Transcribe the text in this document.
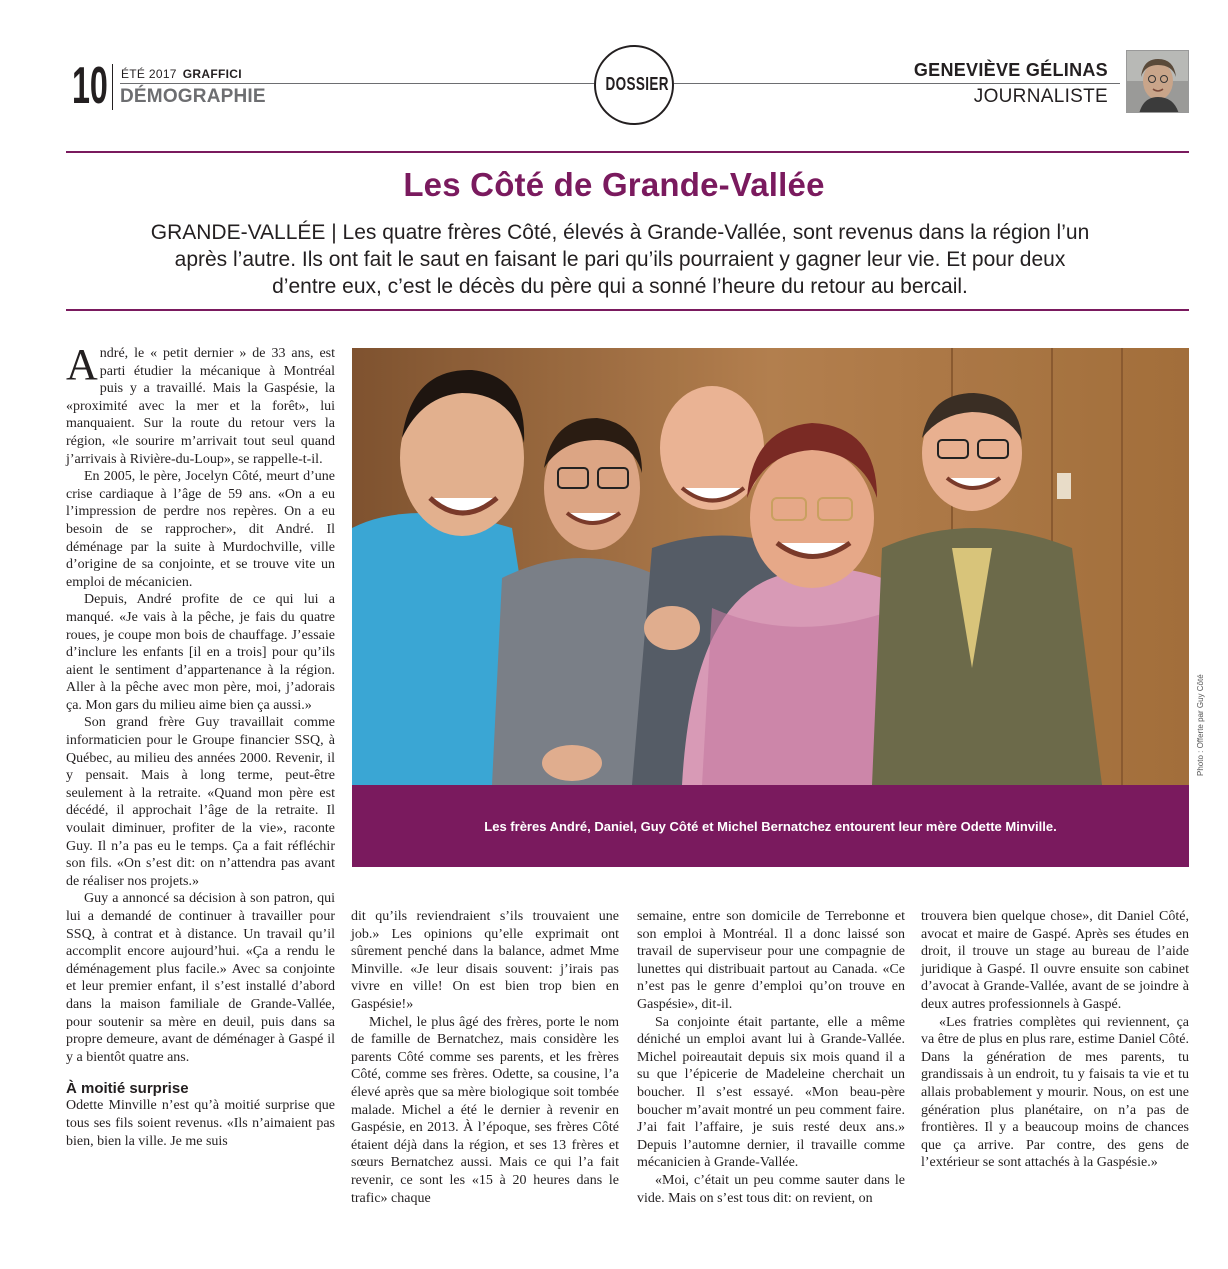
10 ÉTÉ 2017 GRAFFICI
DÉMOGRAPHIE
DOSSIER
GENEVIÈVE GÉLINAS
JOURNALISTE
Les Côté de Grande-Vallée

GRANDE-VALLÉE | Les quatre frères Côté, élevés à Grande-Vallée, sont revenus dans la région l’un après l’autre. Ils ont fait le saut en faisant le pari qu’ils pourraient y gagner leur vie. Et pour deux d’entre eux, c’est le décès du père qui a sonné l’heure du retour au bercail.

Les frères André, Daniel, Guy Côté et Michel Bernatchez entourent leur mère Odette Minville.
Photo : Offerte par Guy Côté

André, le « petit dernier » de 33 ans, est parti étudier la mécanique à Montréal puis y a travaillé. Mais la Gaspésie, la «proximité avec la mer et la forêt», lui manquaient. Sur la route du retour vers la région, «le sourire m’arrivait tout seul quand j’arrivais à Rivière-du-Loup», se rappelle-t-il.

En 2005, le père, Jocelyn Côté, meurt d’une crise cardiaque à l’âge de 59 ans. «On a eu l’impression de perdre nos repères. On a eu besoin de se rapprocher», dit André. Il déménage par la suite à Murdochville, ville d’origine de sa conjointe, et se trouve vite un emploi de mécanicien.

Depuis, André profite de ce qui lui a manqué. «Je vais à la pêche, je fais du quatre roues, je coupe mon bois de chauffage. J’essaie d’inclure les enfants [il en a trois] pour qu’ils aient le sentiment d’appartenance à la région. Aller à la pêche avec mon père, moi, j’adorais ça. Mon gars du milieu aime bien ça aussi.»

Son grand frère Guy travaillait comme informaticien pour le Groupe financier SSQ, à Québec, au milieu des années 2000. Revenir, il y pensait. Mais à long terme, peut-être seulement à la retraite. «Quand mon père est décédé, il approchait l’âge de la retraite. Il voulait diminuer, profiter de la vie», raconte Guy. Il n’a pas eu le temps. Ça a fait réfléchir son fils. «On s’est dit: on n’attendra pas avant de réaliser nos projets.»

Guy a annoncé sa décision à son patron, qui lui a demandé de continuer à travailler pour SSQ, à contrat et à distance. Un travail qu’il accomplit encore aujourd’hui. «Ça a rendu le déménagement plus facile.» Avec sa conjointe et leur premier enfant, il s’est installé d’abord dans la maison familiale de Grande-Vallée, pour soutenir sa mère en deuil, puis dans sa propre demeure, avant de déménager à Gaspé il y a bientôt quatre ans.

À moitié surprise

Odette Minville n’est qu’à moitié surprise que tous ses fils soient revenus. «Ils n’aimaient pas bien, bien la ville. Je me suis

dit qu’ils reviendraient s’ils trouvaient une job.» Les opinions qu’elle exprimait ont sûrement penché dans la balance, admet Mme Minville. «Je leur disais souvent: j’irais pas vivre en ville! On est bien trop bien en Gaspésie!»

Michel, le plus âgé des frères, porte le nom de famille de Bernatchez, mais considère les parents Côté comme ses parents, et les frères Côté, comme ses frères. Odette, sa cousine, l’a élevé après que sa mère biologique soit tombée malade. Michel a été le dernier à revenir en Gaspésie, en 2013. À l’époque, ses frères Côté étaient déjà dans la région, et ses 13 frères et sœurs Bernatchez aussi. Mais ce qui l’a fait revenir, ce sont les «15 à 20 heures dans le trafic» chaque

semaine, entre son domicile de Terrebonne et son emploi à Montréal. Il a donc laissé son travail de superviseur pour une compagnie de lunettes qui distribuait partout au Canada. «Ce n’est pas le genre d’emploi qu’on trouve en Gaspésie», dit-il.

Sa conjointe était partante, elle a même déniché un emploi avant lui à Grande-Vallée. Michel poireautait depuis six mois quand il a su que l’épicerie de Madeleine cherchait un boucher. Il s’est essayé. «Mon beau-père boucher m’avait montré un peu comment faire. J’ai fait l’affaire, je suis resté deux ans.» Depuis l’automne dernier, il travaille comme mécanicien à Grande-Vallée.

«Moi, c’était un peu comme sauter dans le vide. Mais on s’est tous dit: on revient, on

trouvera bien quelque chose», dit Daniel Côté, avocat et maire de Gaspé. Après ses études en droit, il trouve un stage au bureau de l’aide juridique à Gaspé. Il ouvre ensuite son cabinet d’avocat à Grande-Vallée, avant de se joindre à deux autres professionnels à Gaspé.

«Les fratries complètes qui reviennent, ça va être de plus en plus rare, estime Daniel Côté. Dans la génération de mes parents, tu grandissais à un endroit, tu y faisais ta vie et tu allais probablement y mourir. Nous, on est une génération plus planétaire, on n’a pas de frontières. Il y a beaucoup moins de chances que ça arrive. Par contre, des gens de l’extérieur se sont attachés à la Gaspésie.»
